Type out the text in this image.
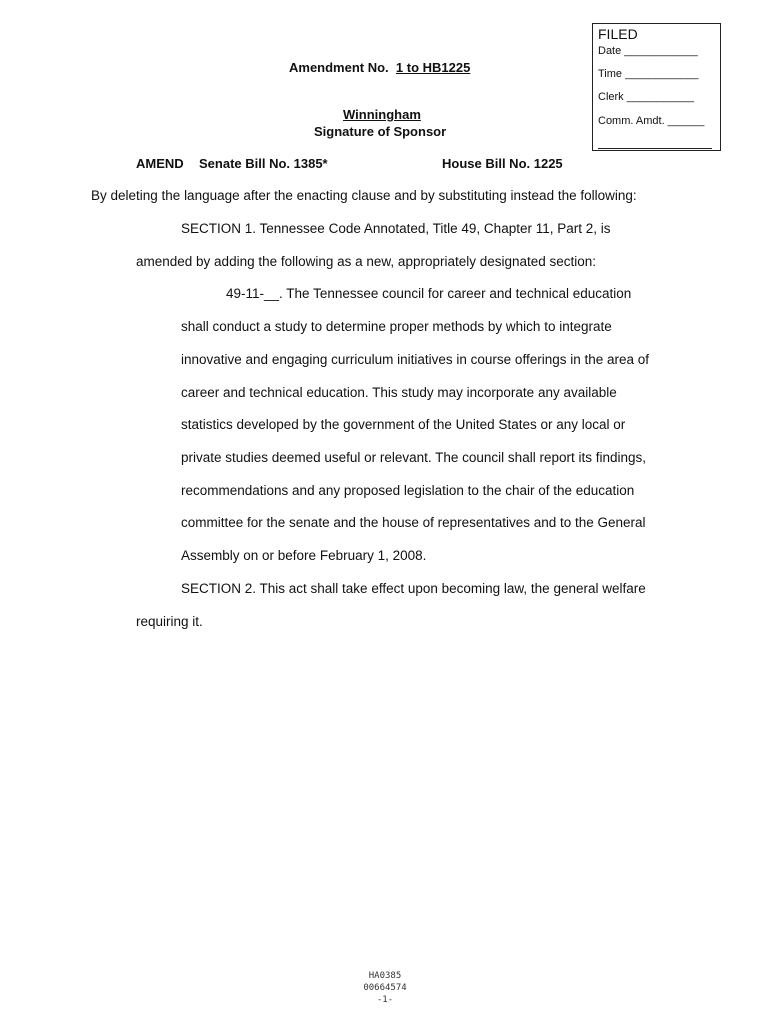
FILED
Date ____________
Time ____________
Clerk ___________
Comm. Amdt. ______
Amendment No. 1 to HB1225
Winningham
Signature of Sponsor
AMEND Senate Bill No. 1385*	House Bill No. 1225
By deleting the language after the enacting clause and by substituting instead the following:
SECTION 1. Tennessee Code Annotated, Title 49, Chapter 11, Part 2, is
amended by adding the following as a new, appropriately designated section:
49-11-__. The Tennessee council for career and technical education
shall conduct a study to determine proper methods by which to integrate
innovative and engaging curriculum initiatives in course offerings in the area of
career and technical education. This study may incorporate any available
statistics developed by the government of the United States or any local or
private studies deemed useful or relevant. The council shall report its findings,
recommendations and any proposed legislation to the chair of the education
committee for the senate and the house of representatives and to the General
Assembly on or before February 1, 2008.
SECTION 2. This act shall take effect upon becoming law, the general welfare
requiring it.
HA0385
00664574
-1-
